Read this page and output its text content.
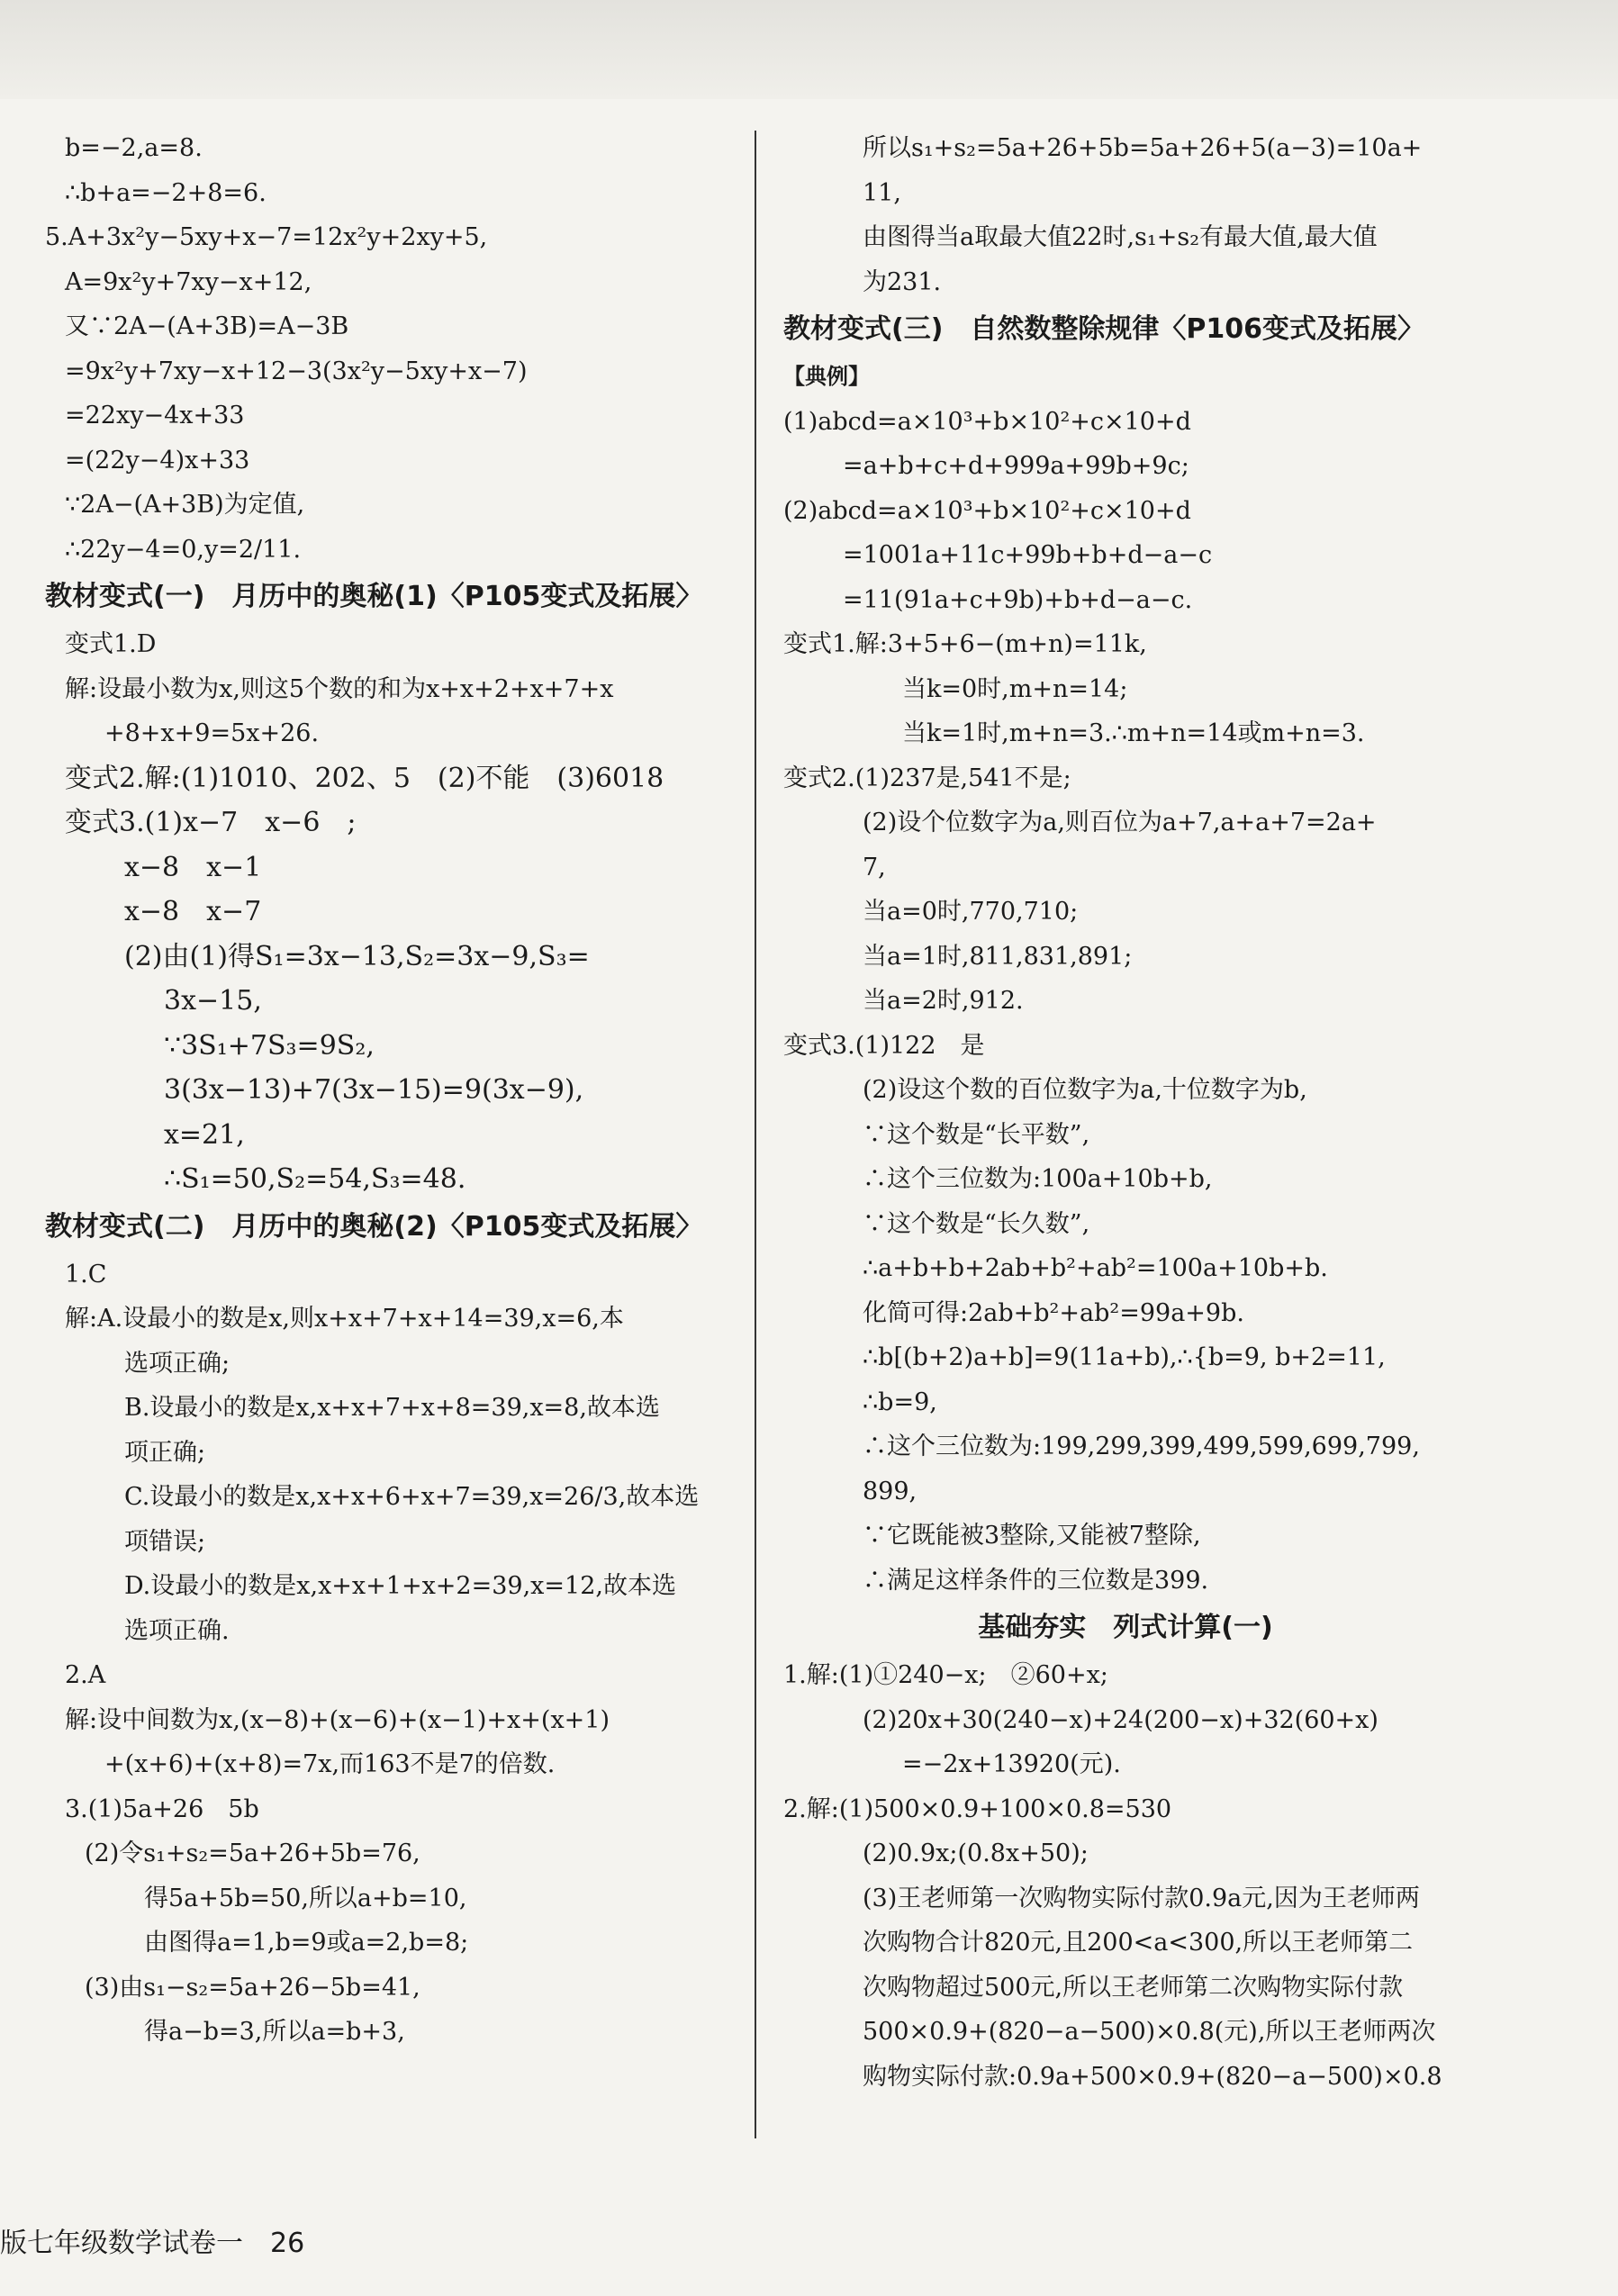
b=−2,a=8.
∴b+a=−2+8=6.
5.A+3x²y−5xy+x−7=12x²y+2xy+5,
A=9x²y+7xy−x+12,
又∵2A−(A+3B)=A−3B
=9x²y+7xy−x+12−3(3x²y−5xy+x−7)
=22xy−4x+33
=(22y−4)x+33
∵2A−(A+3B)为定值,
∴22y−4=0,y=2/11.
教材变式(一)　月历中的奥秘(1)〈P105变式及拓展〉
变式1.D
解:设最小数为x,则这5个数的和为x+x+2+x+7+x
+8+x+9=5x+26.
变式2.解:(1)1010、202、5　(2)不能　(3)6018
变式3.(1)x−7　x−6　;
x−8　x−1
x−8　x−7
(2)由(1)得S₁=3x−13,S₂=3x−9,S₃=
3x−15,
∵3S₁+7S₃=9S₂,
3(3x−13)+7(3x−15)=9(3x−9),
x=21,
∴S₁=50,S₂=54,S₃=48.
教材变式(二)　月历中的奥秘(2)〈P105变式及拓展〉
1.C
解:A.设最小的数是x,则x+x+7+x+14=39,x=6,本
选项正确;
B.设最小的数是x,x+x+7+x+8=39,x=8,故本选
项正确;
C.设最小的数是x,x+x+6+x+7=39,x=26/3,故本选
项错误;
D.设最小的数是x,x+x+1+x+2=39,x=12,故本选
选项正确.
2.A
解:设中间数为x,(x−8)+(x−6)+(x−1)+x+(x+1)
+(x+6)+(x+8)=7x,而163不是7的倍数.
3.(1)5a+26　5b
(2)令s₁+s₂=5a+26+5b=76,
得5a+5b=50,所以a+b=10,
由图得a=1,b=9或a=2,b=8;
(3)由s₁−s₂=5a+26−5b=41,
得a−b=3,所以a=b+3,
所以s₁+s₂=5a+26+5b=5a+26+5(a−3)=10a+
11,
由图得当a取最大值22时,s₁+s₂有最大值,最大值
为231.
教材变式(三)　自然数整除规律〈P106变式及拓展〉
【典例】
(1)abcd=a×10³+b×10²+c×10+d
=a+b+c+d+999a+99b+9c;
(2)abcd=a×10³+b×10²+c×10+d
=1001a+11c+99b+b+d−a−c
=11(91a+c+9b)+b+d−a−c.
变式1.解:3+5+6−(m+n)=11k,
当k=0时,m+n=14;
当k=1时,m+n=3.∴m+n=14或m+n=3.
变式2.(1)237是,541不是;
(2)设个位数字为a,则百位为a+7,a+a+7=2a+
7,
当a=0时,770,710;
当a=1时,811,831,891;
当a=2时,912.
变式3.(1)122　是
(2)设这个数的百位数字为a,十位数字为b,
∵这个数是“长平数”,
∴这个三位数为:100a+10b+b,
∵这个数是“长久数”,
∴a+b+b+2ab+b²+ab²=100a+10b+b.
化简可得:2ab+b²+ab²=99a+9b.
∴b[(b+2)a+b]=9(11a+b),∴{b=9, b+2=11,
∴b=9,
∴这个三位数为:199,299,399,499,599,699,799,
899,
∵它既能被3整除,又能被7整除,
∴满足这样条件的三位数是399.
基础夯实　列式计算(一)
1.解:(1)①240−x;　②60+x;
(2)20x+30(240−x)+24(200−x)+32(60+x)
=−2x+13920(元).
2.解:(1)500×0.9+100×0.8=530
(2)0.9x;(0.8x+50);
(3)王老师第一次购物实际付款0.9a元,因为王老师两
次购物合计820元,且200<a<300,所以王老师第二
次购物超过500元,所以王老师第二次购物实际付款
500×0.9+(820−a−500)×0.8(元),所以王老师两次
购物实际付款:0.9a+500×0.9+(820−a−500)×0.8
版七年级数学试卷一　26
